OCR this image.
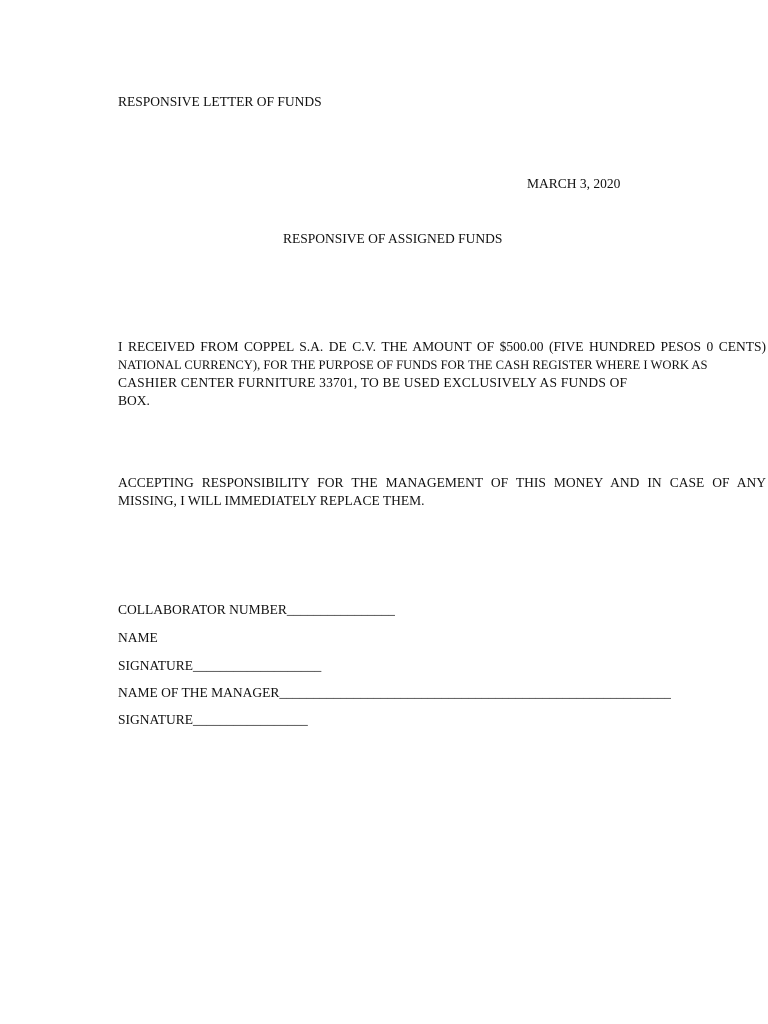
RESPONSIVE LETTER OF FUNDS
MARCH 3, 2020
RESPONSIVE OF ASSIGNED FUNDS
I RECEIVED FROM COPPEL S.A. DE C.V. THE AMOUNT OF $500.00 (FIVE HUNDRED PESOS 0 CENTS)
NATIONAL CURRENCY), FOR THE PURPOSE OF FUNDS FOR THE CASH REGISTER WHERE I WORK AS
CASHIER CENTER FURNITURE 33701, TO BE USED EXCLUSIVELY AS FUNDS OF
BOX.
ACCEPTING RESPONSIBILITY FOR THE MANAGEMENT OF THIS MONEY AND IN CASE OF ANY
MISSING, I WILL IMMEDIATELY REPLACE THEM.
COLLABORATOR NUMBER________________
NAME
SIGNATURE___________________
NAME OF THE MANAGER__________________________________________________________
SIGNATURE_________________
